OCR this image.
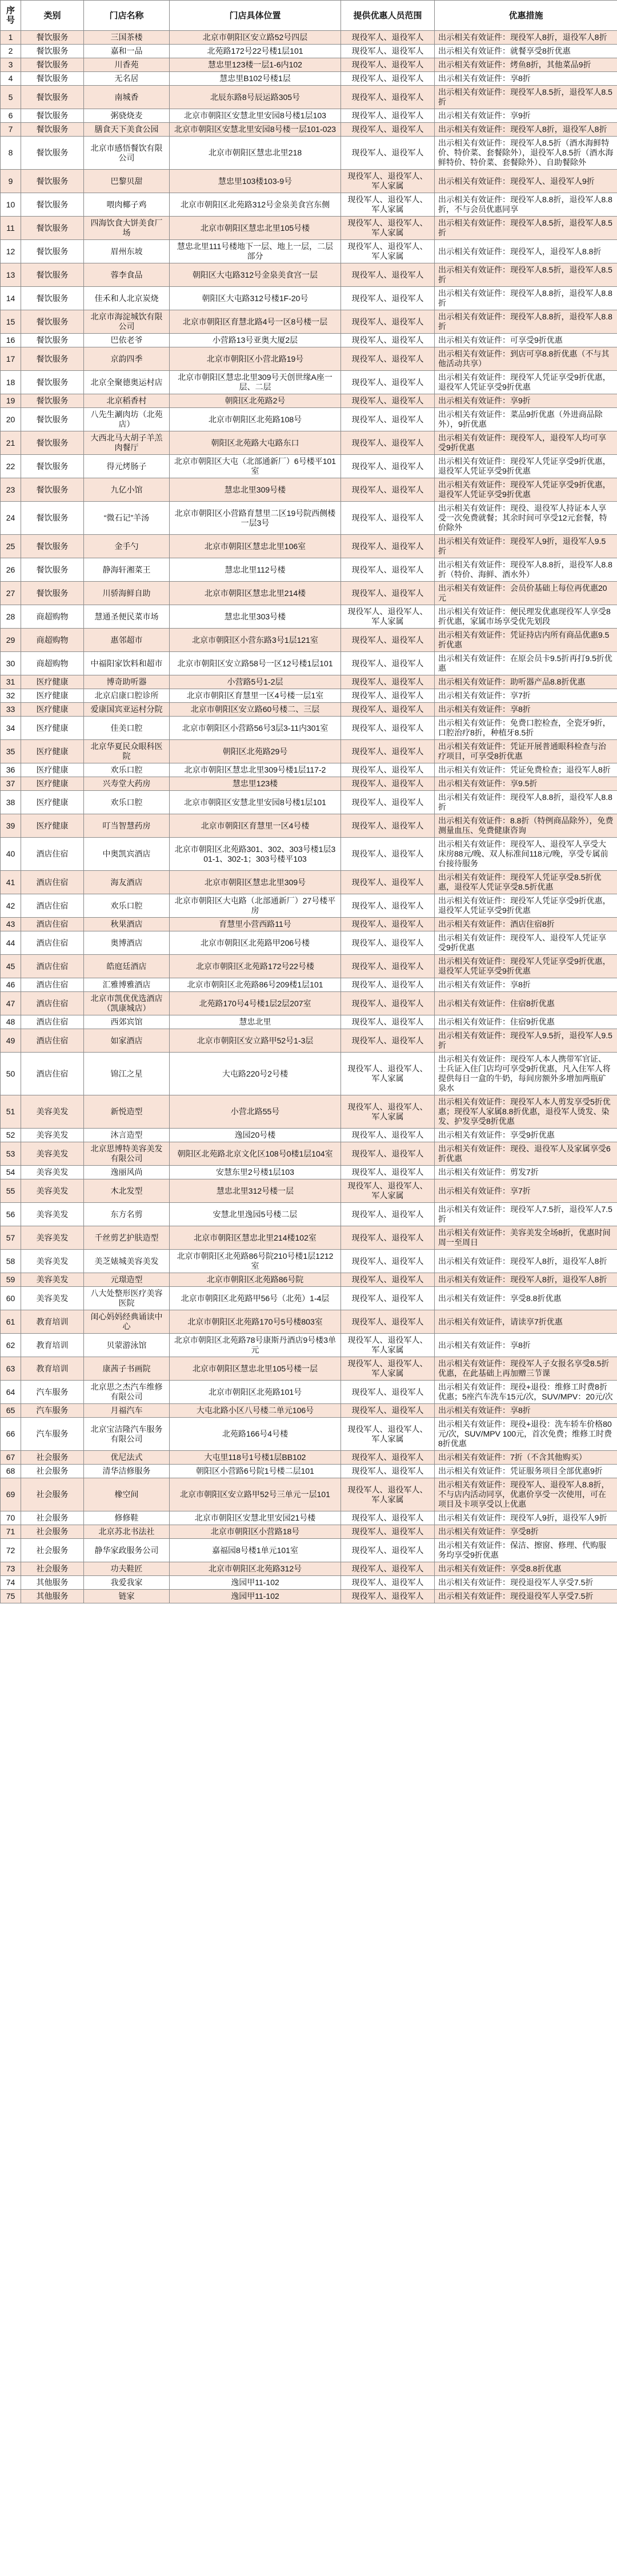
序号	类别	门店名称	门店具体位置	提供优惠人员范围	优惠措施
1	餐饮服务	三国茶楼	北京市朝阳区安立路52号四层	现役军人、退役军人	出示相关有效证件：现役军人8折，退役军人8折
2	餐饮服务	嘉和一品	北苑路172号22号楼1层101	现役军人、退役军人	出示相关有效证件：就餐享受8折优惠
3	餐饮服务	川香苑	慧忠里123楼一层1-6内102	现役军人、退役军人	出示相关有效证件：烤鱼8折，其他菜品9折
4	餐饮服务	无名居	慧忠里B102号楼1层	现役军人、退役军人	出示相关有效证件：享8折
5	餐饮服务	南城香	北辰东路8号辰运路305号	现役军人、退役军人	出示相关有效证件：现役军人8.5折，退役军人8.5折
6	餐饮服务	粥骁烧麦	北京市朝阳区安慧北里安园8号楼1层103	现役军人、退役军人	出示相关有效证件：享9折
7	餐饮服务	膳食天下美食公园	北京市朝阳区安慧北里安园8号楼一层101-023	现役军人、退役军人	出示相关有效证件：现役军人8折，退役军人8折
8	餐饮服务	北京市感悟餐饮有限公司	北京市朝阳区慧忠北里218	现役军人、退役军人	出示相关有效证件：现役军人8.5折（酒水海鲜特价、特价菜、套餐除外），退役军人8.5折（酒水海鲜特价、特价菜、套餐除外）、自助餐除外
9	餐饮服务	巴黎贝甜	慧忠里103楼103-9号	现役军人、退役军人、军人家属	出示相关有效证件：现役军人、退役军人9折
10	餐饮服务	喂肉椰子鸡	北京市朝阳区北苑路312号金泉美食宫东侧	现役军人、退役军人、军人家属	出示相关有效证件：现役军人8.8折，退役军人8.8折，不与会员优惠同享
11	餐饮服务	四海饮食大饼美食厂场	北京市朝阳区慧忠北里105号楼	现役军人、退役军人、军人家属	出示相关有效证件：现役军人8.5折，退役军人8.5折
12	餐饮服务	眉州东坡	慧忠北里111号楼地下一层、地上一层，二层部分	现役军人、退役军人、军人家属	出示相关有效证件：现役军人，退役军人8.8折
13	餐饮服务	蓉李食品	朝阳区大屯路312号金泉美食宫一层	现役军人、退役军人	出示相关有效证件：现役军人8.5折，退役军人8.5折
14	餐饮服务	佳禾和人北京炭烧	朝阳区大屯路312号楼1F-20号	现役军人、退役军人	出示相关有效证件：现役军人8.8折，退役军人8.8折
15	餐饮服务	北京市海淀城饮有限公司	北京市朝阳区育慧北路4号一区8号楼一层	现役军人、退役军人	出示相关有效证件：现役军人8.8折，退役军人8.8折
16	餐饮服务	巴依老爷	小营路13号亚奥大厦2层	现役军人、退役军人	出示相关有效证件：可享受9折优惠
17	餐饮服务	京韵四季	北京市朝阳区小营北路19号	现役军人、退役军人	出示相关有效证件：到店可享8.8折优惠（不与其他活动共享）
18	餐饮服务	北京全聚德奥运村店	北京市朝阳区慧忠北里309号天创世缘A座一层、二层	现役军人、退役军人	出示相关有效证件：现役军人凭证享受9折优惠，退役军人凭证享受9折优惠
19	餐饮服务	北京稻香村	朝阳区北苑路2号	现役军人、退役军人	出示相关有效证件：享9折
20	餐饮服务	八先生涮肉坊（北苑店）	北京市朝阳区北苑路108号	现役军人、退役军人	出示相关有效证件：菜品9折优惠（外进商品除外），9折优惠
21	餐饮服务	大西北马大胡子羊羔肉餐厅	朝阳区北苑路大屯路东口	现役军人、退役军人	出示相关有效证件：现役军人，退役军人均可享受9折优惠
22	餐饮服务	得元烤肠子	北京市朝阳区大屯（北部通新厂）6号楼平101室	现役军人、退役军人	出示相关有效证件：现役军人凭证享受9折优惠，退役军人凭证享受9折优惠
23	餐饮服务	九亿小馆	慧忠北里309号楼	现役军人、退役军人	出示相关有效证件：现役军人凭证享受9折优惠，退役军人凭证享受9折优惠
24	餐饮服务	“微石记”羊汤	北京市朝阳区小营路育慧里二区19号院西侧楼一层3号	现役军人、退役军人	出示相关有效证件：现役、退役军人持证本人享受一次免费就餐；其余时间可享受12元套餐，特价除外
25	餐饮服务	金手勺	北京市朝阳区慧忠北里106室	现役军人、退役军人	出示相关有效证件：现役军人9折，退役军人9.5折
26	餐饮服务	静海轩湘菜王	慧忠北里112号楼	现役军人、退役军人	出示相关有效证件：现役军人8.8折，退役军人8.8折（特价、海鲜、酒水外）
27	餐饮服务	川骄海鲜自助	北京市朝阳区慧忠北里214楼	现役军人、退役军人	出示相关有效证件：会员价基础上每位再优惠20元
28	商超购物	慧通圣便民菜市场	慧忠北里303号楼	现役军人、退役军人、军人家属	出示相关有效证件：便民理发优惠现役军人享受8折优惠，家属市场享受优先划段
29	商超购物	惠邻超市	北京市朝阳区小营东路3号1层121室	现役军人、退役军人	出示相关有效证件：凭证持店内所有商品优惠9.5折优惠
30	商超购物	中福阳家饮料和超市	北京市朝阳区安立路58号一区12号楼1层101	现役军人、退役军人	出示相关有效证件：在原会员卡9.5折再打9.5折优惠
31	医疗健康	博奇助听器	小营路5号1-2层	现役军人、退役军人	出示相关有效证件：助听器产品8.8折优惠
32	医疗健康	北京启康口腔诊所	北京市朝阳区育慧里一区4号楼一层1室	现役军人、退役军人	出示相关有效证件：享7折
33	医疗健康	爱康国宾亚运村分院	北京市朝阳区安立路60号楼二、三层	现役军人、退役军人	出示相关有效证件：享8折
34	医疗健康	佳美口腔	北京市朝阳区小营路56号3层3-11内301室	现役军人、退役军人	出示相关有效证件：免费口腔检查，全瓷牙9折，口腔治疗8折，种植牙8.5折
35	医疗健康	北京华夏民众眼科医院	朝阳区北苑路29号	现役军人、退役军人	出示相关有效证件：凭证开展普通眼科检查与治疗项目，可享受8折优惠
36	医疗健康	欢乐口腔	北京市朝阳区慧忠北里309号楼1层117-2	现役军人、退役军人	出示相关有效证件：凭证免费检查；退役军人8折
37	医疗健康	兴寿堂大药房	慧忠里123楼	现役军人、退役军人	出示相关有效证件：享9.5折
38	医疗健康	欢乐口腔	北京市朝阳区安慧北里安园8号楼1层101	现役军人、退役军人	出示相关有效证件：现役军人8.8折，退役军人8.8折
39	医疗健康	叮当智慧药房	北京市朝阳区育慧里一区4号楼	现役军人、退役军人	出示相关有效证件：8.8折（特例商品除外），免费测量血压、免费健康咨询
40	酒店住宿	中奥凯宾酒店	北京市朝阳区北苑路301、302、303号楼1层301-1、302-1；303号楼平103	现役军人、退役军人	出示相关有效证件：现役军人、退役军人享受大床房88元/晚、双人标准间118元/晚，享受专属前台接待服务
41	酒店住宿	海友酒店	北京市朝阳区慧忠北里309号	现役军人、退役军人	出示相关有效证件：现役军人凭证享受8.5折优惠，退役军人凭证享受8.5折优惠
42	酒店住宿	欢乐口腔	北京市朝阳区大屯路（北部通新厂）27号楼平房	现役军人、退役军人	出示相关有效证件：现役军人凭证享受9折优惠，退役军人凭证享受9折优惠
43	酒店住宿	秋果酒店	育慧里小营西路11号	现役军人、退役军人	出示相关有效证件：酒店住宿8折
44	酒店住宿	奥博酒店	北京市朝阳区北苑路甲206号楼	现役军人、退役军人	出示相关有效证件：现役军人、退役军人凭证享受9折优惠
45	酒店住宿	皓庭廷酒店	北京市朝阳区北苑路172号22号楼	现役军人、退役军人	出示相关有效证件：现役军人凭证享受9折优惠，退役军人凭证享受9折优惠
46	酒店住宿	汇雅博雅酒店	北京市朝阳区北苑路86号209楼1层101	现役军人、退役军人	出示相关有效证件：享8折
47	酒店住宿	北京市凯优优选酒店（凯康城店）	北苑路170号4号楼1层2层207室	现役军人、退役军人	出示相关有效证件：住宿8折优惠
48	酒店住宿	西郊宾馆	慧忠北里	现役军人、退役军人	出示相关有效证件：住宿9折优惠
49	酒店住宿	如家酒店	北京市朝阳区安立路甲52号1-3层	现役军人、退役军人	出示相关有效证件：现役军人9.5折，退役军人9.5折
50	酒店住宿	锦江之星	大屯路220号2号楼	现役军人、退役军人、军人家属	出示相关有效证件：现役军人本人携带军官证、士兵证入住门店均可享受9折优惠，凡入住军人将提供每日一盒的牛奶，每间房额外多增加两瓶矿泉水
51	美容美发	新悦造型	小营北路55号	现役军人、退役军人、军人家属	出示相关有效证件：现役军人本人剪发享受5折优惠；现役军人家属8.8折优惠，退役军人烫发、染发、护发享受8折优惠
52	美容美发	沐言造型	逸园20号楼	现役军人、退役军人	出示相关有效证件：享受9折优惠
53	美容美发	北京思博特美容美发有限公司	朝阳区北苑路北京文化区108号0楼1层104室	现役军人、退役军人	出示相关有效证件：现役、退役军人及家属享受6折优惠
54	美容美发	逸丽风尚	安慧东里2号楼1层103	现役军人、退役军人	出示相关有效证件：剪发7折
55	美容美发	木北发型	慧忠北里312号楼一层	现役军人、退役军人、军人家属	出示相关有效证件：享7折
56	美容美发	东方名剪	安慧北里逸园5号楼二层	现役军人、退役军人	出示相关有效证件：现役军人7.5折，退役军人7.5折
57	美容美发	千丝剪艺护肤造型	北京市朝阳区慧忠北里214楼102室	现役军人、退役军人	出示相关有效证件：美容美发全场8折，优惠时间周一至周日
58	美容美发	美芝婊城美容美发	北京市朝阳区北苑路86号院210号楼1层1212室	现役军人、退役军人	出示相关有效证件：现役军人8折，退役军人8折
59	美容美发	元璟造型	北京市朝阳区北苑路86号院	现役军人、退役军人	出示相关有效证件：现役军人8折，退役军人8折
60	美容美发	八大处整形医疗美容医院	北京市朝阳区北苑路甲56号（北苑）1-4层	现役军人、退役军人	出示相关有效证件：享受8.8折优惠
61	教育培训	闺心妈妈经典诵读中心	北京市朝阳区北苑路170号5号楼803室	现役军人、退役军人	出示相关有效证件，请读享7折优惠
62	教育培训	贝蒙游泳馆	北京市朝阳区北苑路78号康斯丹酒店9号楼3单元	现役军人、退役军人、军人家属	出示相关有效证件：享8折
63	教育培训	康茜子书画院	北京市朝阳区慧忠北里105号楼一层	现役军人、退役军人、军人家属	出示相关有效证件：现役军人子女报名享受8.5折优惠，在此基础上再加赠三节课
64	汽车服务	北京思之杰汽车维修有限公司	北京市朝阳区北苑路101号	现役军人、退役军人	出示相关有效证件：现役+退役：维修工时费8折优惠；5座汽车洗车15元/次，SUV/MPV：20元/次
65	汽车服务	月福汽车	大屯北路小区八号楼二单元106号	现役军人、退役军人	出示相关有效证件：享8折
66	汽车服务	北京宝洁隆汽车服务有限公司	北苑路166号4号楼	现役军人、退役军人、军人家属	出示相关有效证件：现役+退役：洗车轿车价格80元/次，SUV/MPV 100元，首次免费；维修工时费8折优惠
67	社会服务	优尼法式	大屯里118号1号楼1层BB102	现役军人、退役军人	出示相关有效证件：7折（不含其他购买）
68	社会服务	清华洁修服务	朝阳区小营路6号院1号楼二层101	现役军人、退役军人	出示相关有效证件：凭证服务项目全部优惠9折
69	社会服务	橡空间	北京市朝阳区安立路甲52号三单元一层101	现役军人、退役军人、军人家属	出示相关有效证件：现役军人、退役军人8.8折，不与店内活动同享，优惠价享受一次使用，可在项目及卡项享受以上优惠
70	社会服务	修修鞋	北京市朝阳区安慧北里安园21号楼	现役军人、退役军人	出示相关有效证件：现役军人9折，退役军人9折
71	社会服务	北京苏北书法社	北京市朝阳区小营路18号	现役军人、退役军人	出示相关有效证件：享受8折
72	社会服务	静华家政服务公司	嘉福园8号楼1单元101室	现役军人、退役军人	出示相关有效证件：保洁、擦窗、修理、代购服务均享受9折优惠
73	社会服务	功夫鞋匠	北京市朝阳区北苑路312号	现役军人、退役军人	出示相关有效证件：享受8.8折优惠
74	其他服务	我爱我家	逸园甲11-102	现役军人、退役军人	出示相关有效证件：现役退役军人享受7.5折
75	其他服务	链家	逸园甲11-102	现役军人、退役军人	出示相关有效证件：现役退役军人享受7.5折
